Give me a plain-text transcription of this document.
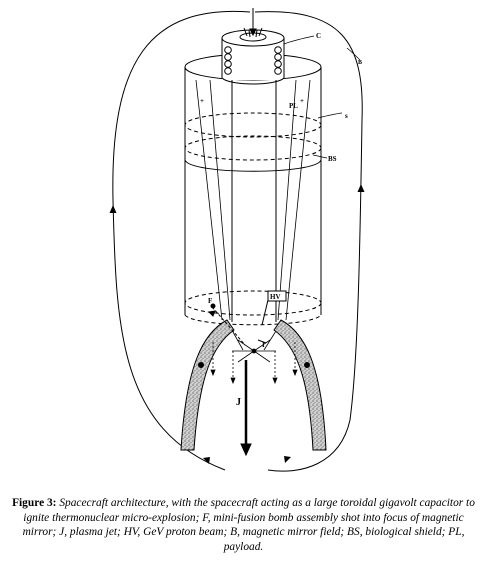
C
B
PL
s
BS
F	HV
I
J
+	+
Figure 3: Spacecraft architecture, with the spacecraft acting as a large toroidal gigavolt capacitor to ignite thermonuclear micro-explosion; F, mini-fusion bomb assembly shot into focus of magnetic mirror; J, plasma jet; HV, GeV proton beam; B, magnetic mirror field; BS, biological shield; PL, payload.
